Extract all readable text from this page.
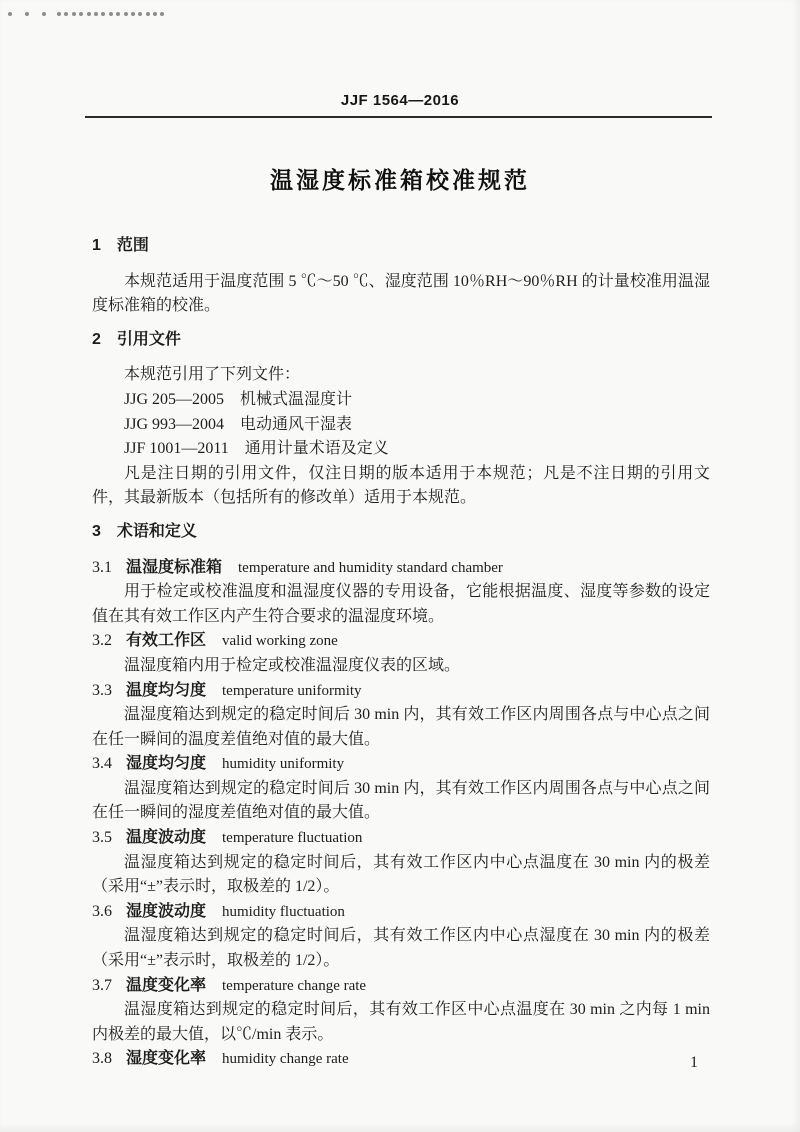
JJF 1564—2016
温湿度标准箱校准规范
1　范围

本规范适用于温度范围 5 ℃～50 ℃、湿度范围 10％RH～90％RH 的计量校准用温湿度标准箱的校准。

2　引用文件

本规范引用了下列文件：

JJG 205—2005　机械式温湿度计

JJG 993—2004　电动通风干湿表

JJF 1001—2011　通用计量术语及定义

凡是注日期的引用文件，仅注日期的版本适用于本规范；凡是不注日期的引用文件，其最新版本（包括所有的修改单）适用于本规范。

3　术语和定义

3.1 温湿度标准箱 temperature and humidity standard chamber

用于检定或校准温度和温湿度仪器的专用设备，它能根据温度、湿度等参数的设定值在其有效工作区内产生符合要求的温湿度环境。

3.2 有效工作区 valid working zone

温湿度箱内用于检定或校准温湿度仪表的区域。

3.3 温度均匀度 temperature uniformity

温湿度箱达到规定的稳定时间后 30 min 内，其有效工作区内周围各点与中心点之间在任一瞬间的温度差值绝对值的最大值。

3.4 湿度均匀度 humidity uniformity

温湿度箱达到规定的稳定时间后 30 min 内，其有效工作区内周围各点与中心点之间在任一瞬间的湿度差值绝对值的最大值。

3.5 温度波动度 temperature fluctuation

温湿度箱达到规定的稳定时间后，其有效工作区内中心点温度在 30 min 内的极差（采用“±”表示时，取极差的 1/2）。

3.6 湿度波动度 humidity fluctuation

温湿度箱达到规定的稳定时间后，其有效工作区内中心点湿度在 30 min 内的极差（采用“±”表示时，取极差的 1/2）。

3.7 温度变化率 temperature change rate

温湿度箱达到规定的稳定时间后，其有效工作区中心点温度在 30 min 之内每 1 min 内极差的最大值，以℃/min 表示。

3.8 湿度变化率 humidity change rate	1
